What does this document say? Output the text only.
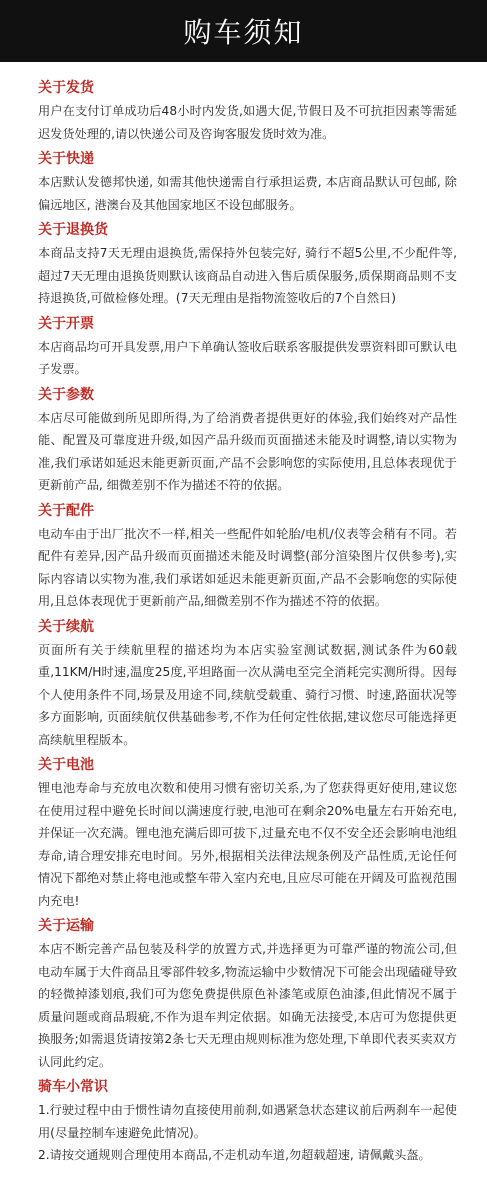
购车须知
关于发货
用户在支付订单成功后48小时内发货,如遇大促,节假日及不可抗拒因素等需延迟发货处理的,请以快递公司及咨询客服发货时效为准。
关于快递
本店默认发德邦快递, 如需其他快递需自行承担运费, 本店商品默认可包邮, 除偏远地区, 港澳台及其他国家地区不设包邮服务。
关于退换货
本商品支持7天无理由退换货,需保持外包装完好, 骑行不超5公里,不少配件等, 超过7天无理由退换货则默认该商品自动进入售后质保服务,质保期商品则不支持退换货,可做检修处理。(7天无理由是指物流签收后的7个自然日)
关于开票
本店商品均可开具发票,用户下单确认签收后联系客服提供发票资料即可默认电子发票。
关于参数
本店尽可能做到所见即所得,为了给消费者提供更好的体验,我们始终对产品性能、配置及可靠度进升级,如因产品升级而页面描述未能及时调整,请以实物为准,我们承诺如延迟未能更新页面,产品不会影响您的实际使用,且总体表现优于更新前产品, 细微差别不作为描述不符的依据。
关于配件
电动车由于出厂批次不一样,相关一些配件如轮胎/电机/仪表等会稍有不同。若配件有差异,因产品升级而页面描述未能及时调整(部分渲染图片仅供参考),实际内容请以实物为准,我们承诺如延迟未能更新页面,产品不会影响您的实际使用,且总体表现优于更新前产品,细微差别不作为描述不符的依据。
关于续航
页面所有关于续航里程的描述均为本店实验室测试数据,测试条件为60载重,11KM/H时速,温度25度,平坦路面一次从满电至完全消耗完实测所得。因每个人使用条件不同,场景及用途不同,续航受载重、骑行习惯、时速,路面状况等多方面影响, 页面续航仅供基础参考,不作为任何定性依据,建议您尽可能选择更高续航里程版本。
关于电池
锂电池寿命与充放电次数和使用习惯有密切关系,为了您获得更好使用,建议您在使用过程中避免长时间以满速度行驶,电池可在剩余20%电量左右开始充电,并保证一次充满。锂电池充满后即可拔下,过量充电不仅不安全还会影响电池组寿命,请合理安排充电时间。另外,根据相关法律法规条例及产品性质,无论任何情况下都绝对禁止将电池或整车带入室内充电,且应尽可能在开阔及可监视范围内充电!
关于运输
本店不断完善产品包装及科学的放置方式,并选择更为可靠严谨的物流公司,但电动车属于大件商品且零部件较多,物流运输中少数情况下可能会出现磕碰导致的轻微掉漆划痕,我们可为您免费提供原色补漆笔或原色油漆,但此情况不属于质量问题或商品瑕疵,不作为退车判定依据。如确无法接受,本店可为您提供更换服务;如需退货请按第2条七天无理由规则标准为您处理,下单即代表买卖双方认同此约定。
骑车小常识
1.行驶过程中由于惯性请勿直接使用前刹,如遇紧急状态建议前后两刹车一起使用(尽量控制车速避免此情况)。
2.请按交通规则合理使用本商品,不走机动车道,勿超载超速, 请佩戴头盔。
